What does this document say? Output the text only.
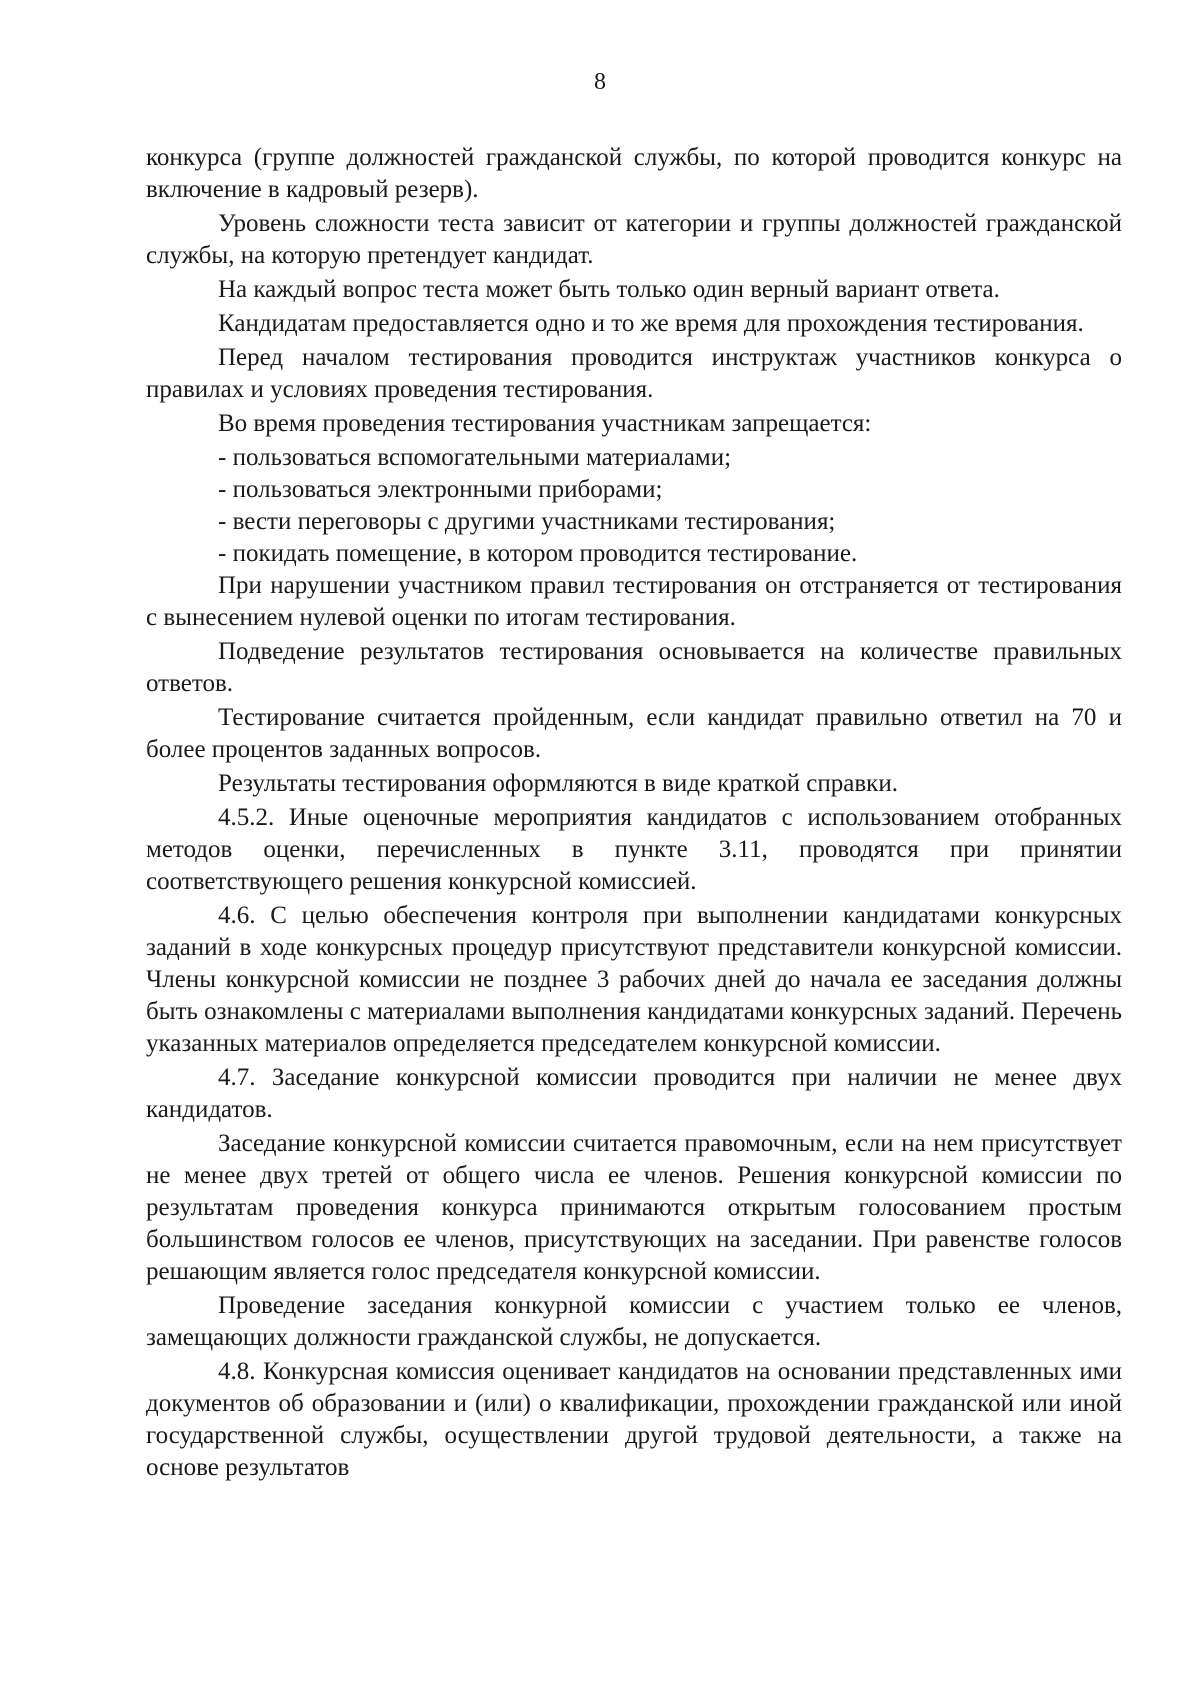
8

конкурса (группе должностей гражданской службы, по которой проводится конкурс на включение в кадровый резерв).

Уровень сложности теста зависит от категории и группы должностей гражданской службы, на которую претендует кандидат.

На каждый вопрос теста может быть только один верный вариант ответа.

Кандидатам предоставляется одно и то же время для прохождения тестирования.

Перед началом тестирования проводится инструктаж участников конкурса о правилах и условиях проведения тестирования.

Во время проведения тестирования участникам запрещается:

- пользоваться вспомогательными материалами;

- пользоваться электронными приборами;

- вести переговоры с другими участниками тестирования;

- покидать помещение, в котором проводится тестирование.

При нарушении участником правил тестирования он отстраняется от тестирования с вынесением нулевой оценки по итогам тестирования.

Подведение результатов тестирования основывается на количестве правильных ответов.

Тестирование считается пройденным, если кандидат правильно ответил на 70 и более процентов заданных вопросов.

Результаты тестирования оформляются в виде краткой справки.

4.5.2. Иные оценочные мероприятия кандидатов с использованием отобранных методов оценки, перечисленных в пункте 3.11, проводятся при принятии соответствующего решения конкурсной комиссией.

4.6. С целью обеспечения контроля при выполнении кандидатами конкурсных заданий в ходе конкурсных процедур присутствуют представители конкурсной комиссии. Члены конкурсной комиссии не позднее 3 рабочих дней до начала ее заседания должны быть ознакомлены с материалами выполнения кандидатами конкурсных заданий. Перечень указанных материалов определяется председателем конкурсной комиссии.

4.7. Заседание конкурсной комиссии проводится при наличии не менее двух кандидатов.

Заседание конкурсной комиссии считается правомочным, если на нем присутствует не менее двух третей от общего числа ее членов. Решения конкурсной комиссии по результатам проведения конкурса принимаются открытым голосованием простым большинством голосов ее членов, присутствующих на заседании. При равенстве голосов решающим является голос председателя конкурсной комиссии.

Проведение заседания конкурной комиссии с участием только ее членов, замещающих должности гражданской службы, не допускается.

4.8. Конкурсная комиссия оценивает кандидатов на основании представленных ими документов об образовании и (или) о квалификации, прохождении гражданской или иной государственной службы, осуществлении другой трудовой деятельности, а также на основе результатов
